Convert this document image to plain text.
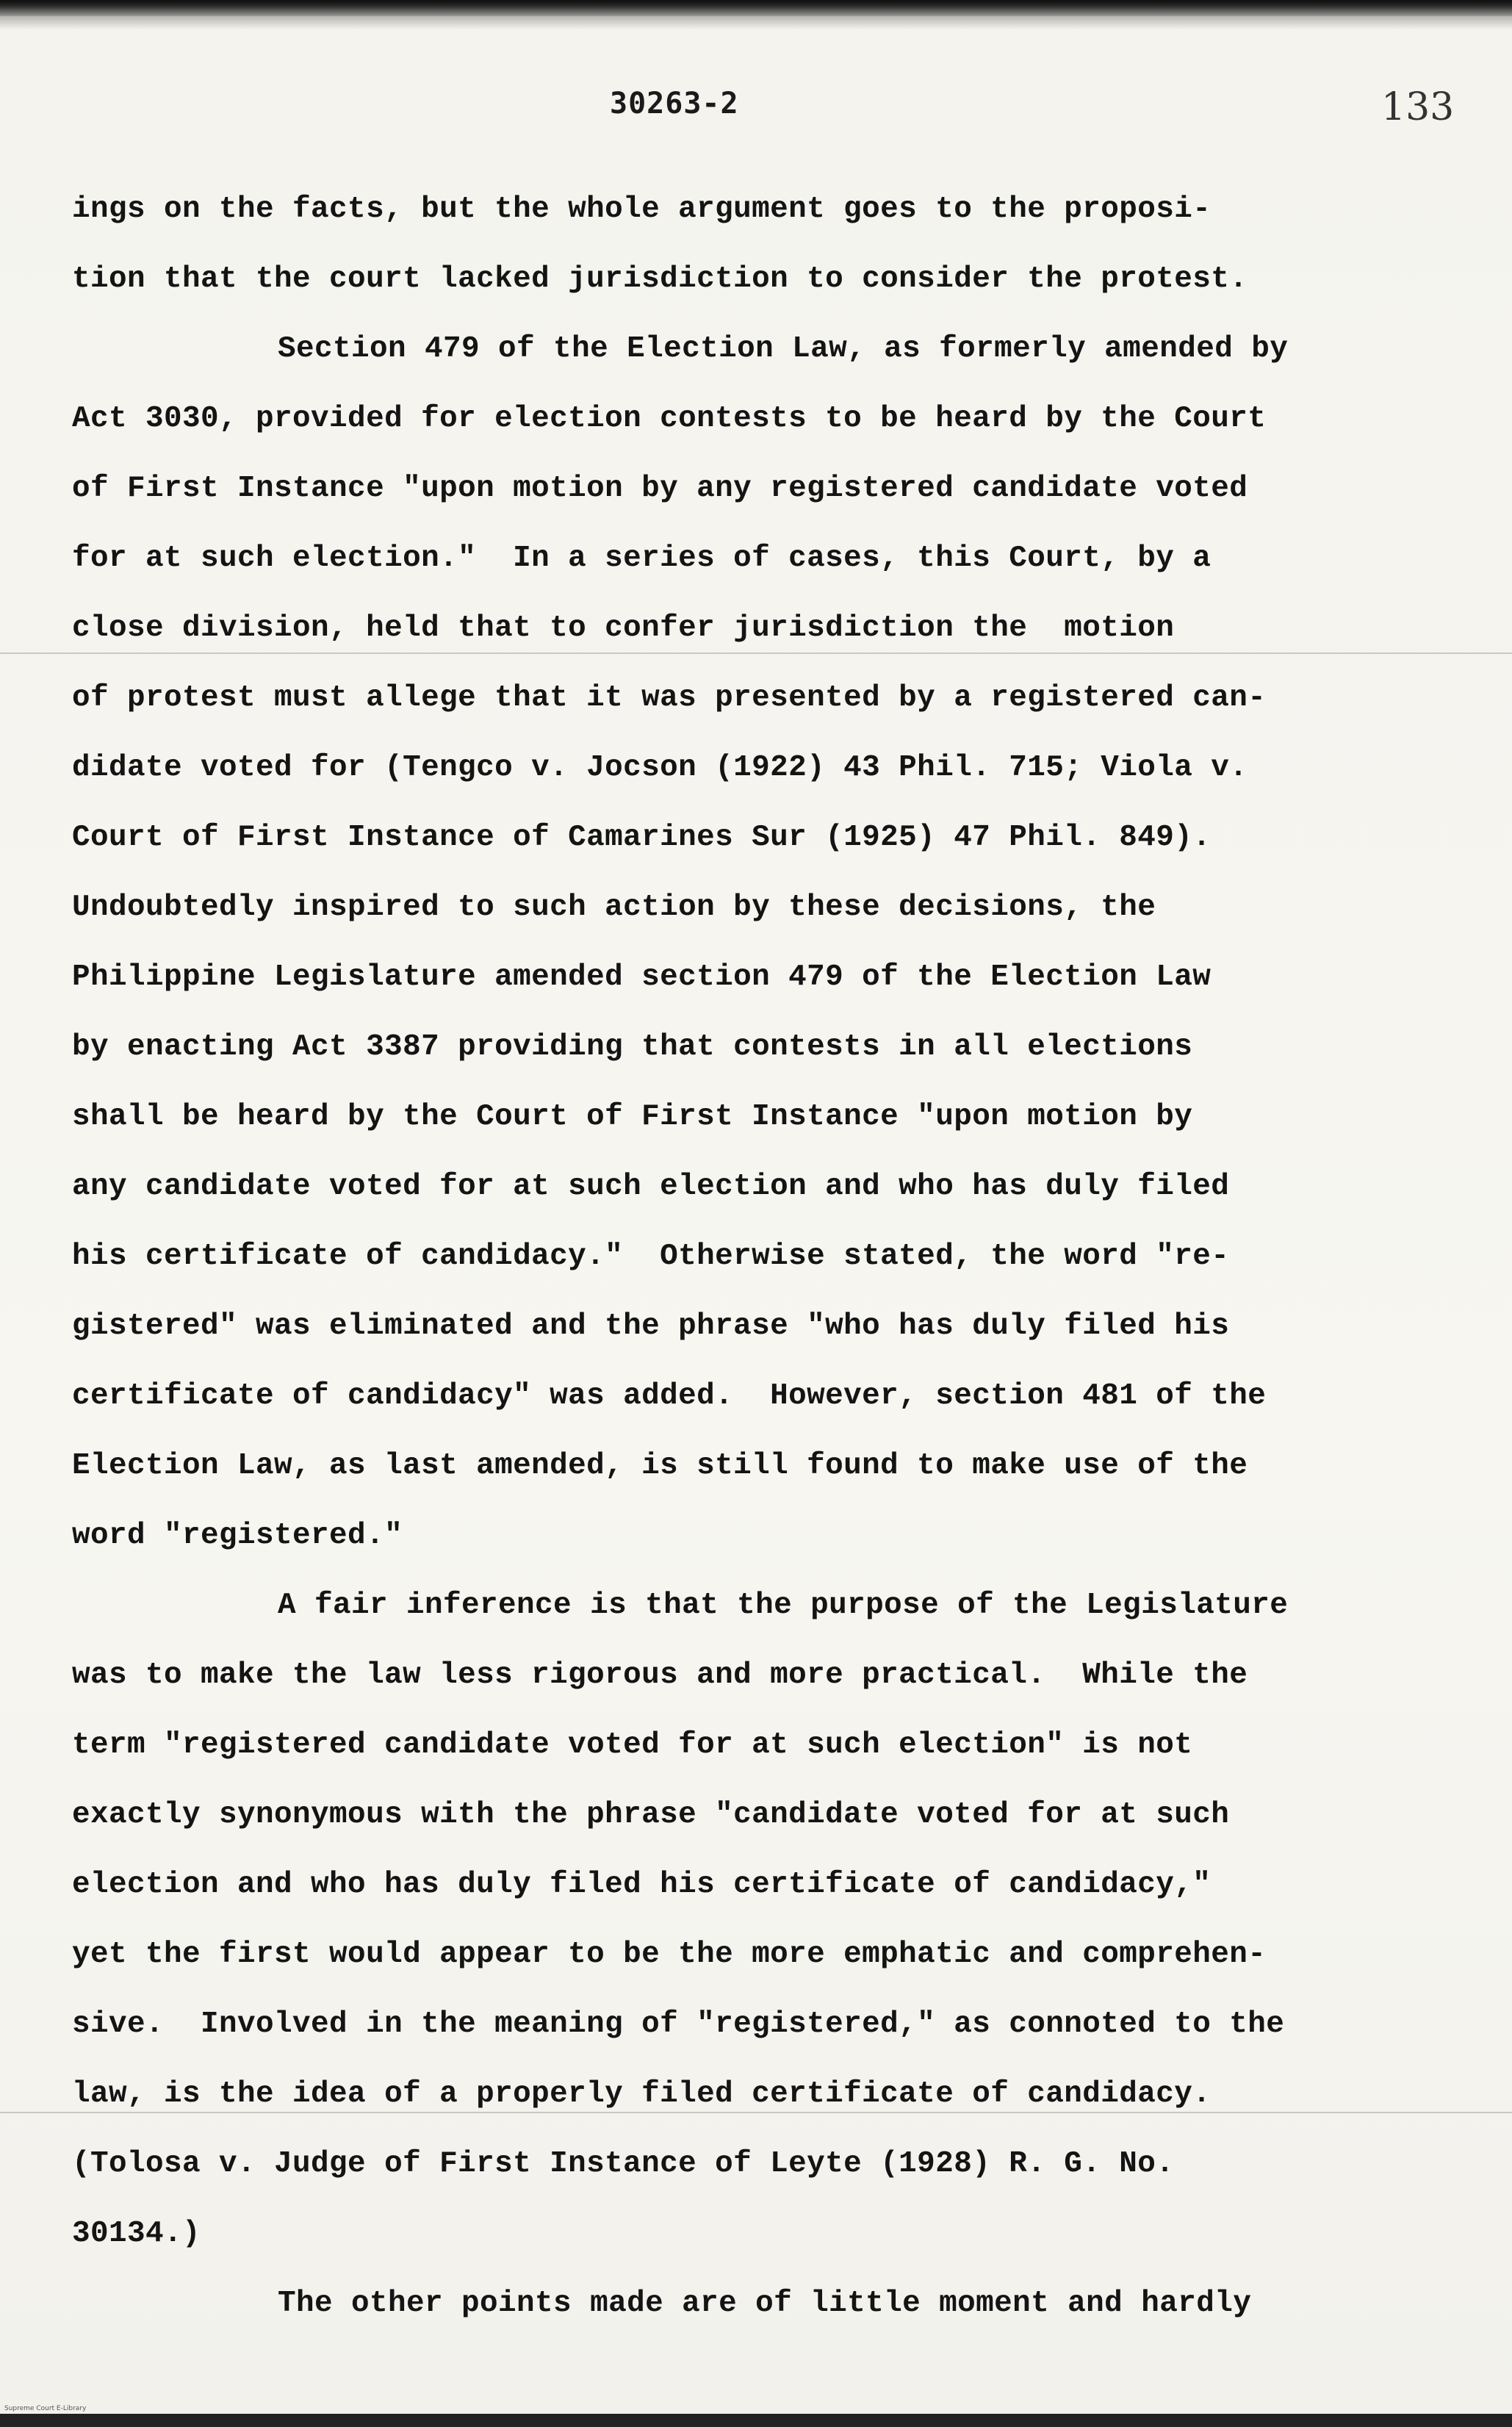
30263-2	133
ings on the facts, but the whole argument goes to the proposi-
tion that the court lacked jurisdiction to consider the protest.
Section 479 of the Election Law, as formerly amended by
Act 3030, provided for election contests to be heard by the Court
of First Instance "upon motion by any registered candidate voted
for at such election."  In a series of cases, this Court, by a
close division, held that to confer jurisdiction the  motion
of protest must allege that it was presented by a registered can-
didate voted for (Tengco v. Jocson (1922) 43 Phil. 715; Viola v.
Court of First Instance of Camarines Sur (1925) 47 Phil. 849).
Undoubtedly inspired to such action by these decisions, the
Philippine Legislature amended section 479 of the Election Law
by enacting Act 3387 providing that contests in all elections
shall be heard by the Court of First Instance "upon motion by
any candidate voted for at such election and who has duly filed
his certificate of candidacy."  Otherwise stated, the word "re-
gistered" was eliminated and the phrase "who has duly filed his
certificate of candidacy" was added.  However, section 481 of the
Election Law, as last amended, is still found to make use of the
word "registered."
A fair inference is that the purpose of the Legislature
was to make the law less rigorous and more practical.  While the
term "registered candidate voted for at such election" is not
exactly synonymous with the phrase "candidate voted for at such
election and who has duly filed his certificate of candidacy,"
yet the first would appear to be the more emphatic and comprehen-
sive.  Involved in the meaning of "registered," as connoted to the
law, is the idea of a properly filed certificate of candidacy.
(Tolosa v. Judge of First Instance of Leyte (1928) R. G. No.
30134.)
The other points made are of little moment and hardly
Supreme Court E-Library
